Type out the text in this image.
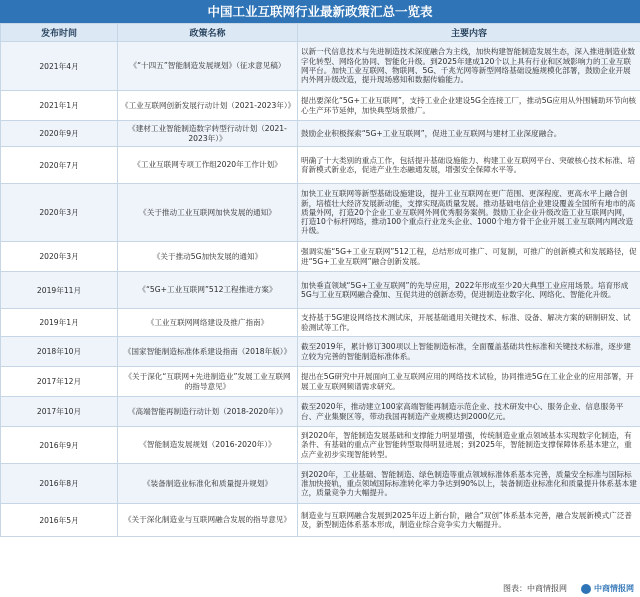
中国工业互联网行业最新政策汇总一览表
发布时间	政策名称	主要内容
2021年4月	《“十四五”智能制造发展规划》（征求意见稿）	以新一代信息技术与先进制造技术深度融合为主线，加快构建智能制造发展生态，深入推进制造业数字化转型、网络化协同、智能化升级。到2025年建成120个以上具有行业和区域影响力的工业互联网平台。加快工业互联网、物联网、5G、千兆光网等新型网络基础设施规模化部署，鼓励企业开展内外网升级改造，提升现场感知和数据传输能力。
2021年1月	《工业互联网创新发展行动计划（2021-2023年）》	提出要深化“5G+工业互联网”，支持工业企业建设5G全连接工厂，推动5G应用从外围辅助环节向核心生产环节延伸，加快典型场景推广。
2020年9月	《建材工业智能制造数字转型行动计划（2021-2023年）》	鼓励企业积极探索“5G+工业互联网”，促进工业互联网与建材工业深度融合。
2020年7月	《工业互联网专项工作组2020年工作计划》	明确了十大类别的重点工作，包括提升基础设施能力、构建工业互联网平台、突破核心技术标准、培育新模式新业态，促进产业生态融通发展，增强安全保障水平等。
2020年3月	《关于推动工业互联网加快发展的通知》	加快工业互联网等新型基础设施建设，提升工业互联网在更广范围、更深程度、更高水平上融合创新，培植壮大经济发展新动能，支撑实现高质量发展。推动基础电信企业建设覆盖全国所有地市的高质量外网，打造20个企业工业互联网外网优秀服务案例。鼓励工业企业升级改造工业互联网内网，打造10个标杆网络，推动100个重点行业龙头企业、1000个地方骨干企业开展工业互联网内网改造升级。
2020年3月	《关于推动5G加快发展的通知》	强调实施“5G+工业互联网”512工程，总结形成可推广、可复制，可推广的创新模式和发展路径，促进“5G+工业互联网”融合创新发展。
2019年11月	《“5G+工业互联网”512工程推进方案》	加快垂直领域“5G+工业互联网”的先导应用，2022年形成至少20大典型工业应用场景。培育形成5G与工业互联网融合叠加、互促共进的创新态势，促进制造业数字化、网络化、智能化升级。
2019年1月	《工业互联网网络建设及推广指南》	支持基于5G建设网络技术测试床，开展基础通用关键技术、标准、设备、解决方案的研制研发、试验测试等工作。
2018年10月	《国家智能制造标准体系建设指南（2018年版）》	截至2019年，累计修订300项以上智能制造标准，全面覆盖基础共性标准和关键技术标准，逐步建立较为完善的智能制造标准体系。
2017年12月	《关于深化“互联网+先进制造业”发展工业互联网的指导意见》	提出在5G研究中开展面向工业互联网应用的网络技术试验，协同推进5G在工业企业的应用部署，开展工业互联网频谱需求研究。
2017年10月	《高端智能再制造行动计划（2018-2020年）》	截至2020年，推动建立100家高端智能再制造示范企业、技术研发中心、服务企业、信息服务平台、产业集聚区等，带动我国再制造产业规模达到2000亿元。
2016年9月	《智能制造发展规划（2016-2020年）》	到2020年，智能制造发展基础和支撑能力明显增强，传统制造业重点领域基本实现数字化制造，有条件、有基础的重点产业智能转型取得明显进展；到2025年，智能制造支撑保障体系基本建立，重点产业初步实现智能转型。
2016年8月	《装备制造业标准化和质量提升规划》	到2020年，工业基础、智能制造、绿色制造等重点领域标准体系基本完善，质量安全标准与国际标准加快接轨，重点领域国际标准转化率力争达到90%以上，装备制造业标准化和质量提升体系基本建立，质量竞争力大幅提升。
2016年5月	《关于深化制造业与互联网融合发展的指导意见》	制造业与互联网融合发展到2025年迈上新台阶，融合“双创”体系基本完善，融合发展新模式广泛普及，新型制造体系基本形成，制造业综合竞争实力大幅提升。
图表：中商情报网	中商情报网
